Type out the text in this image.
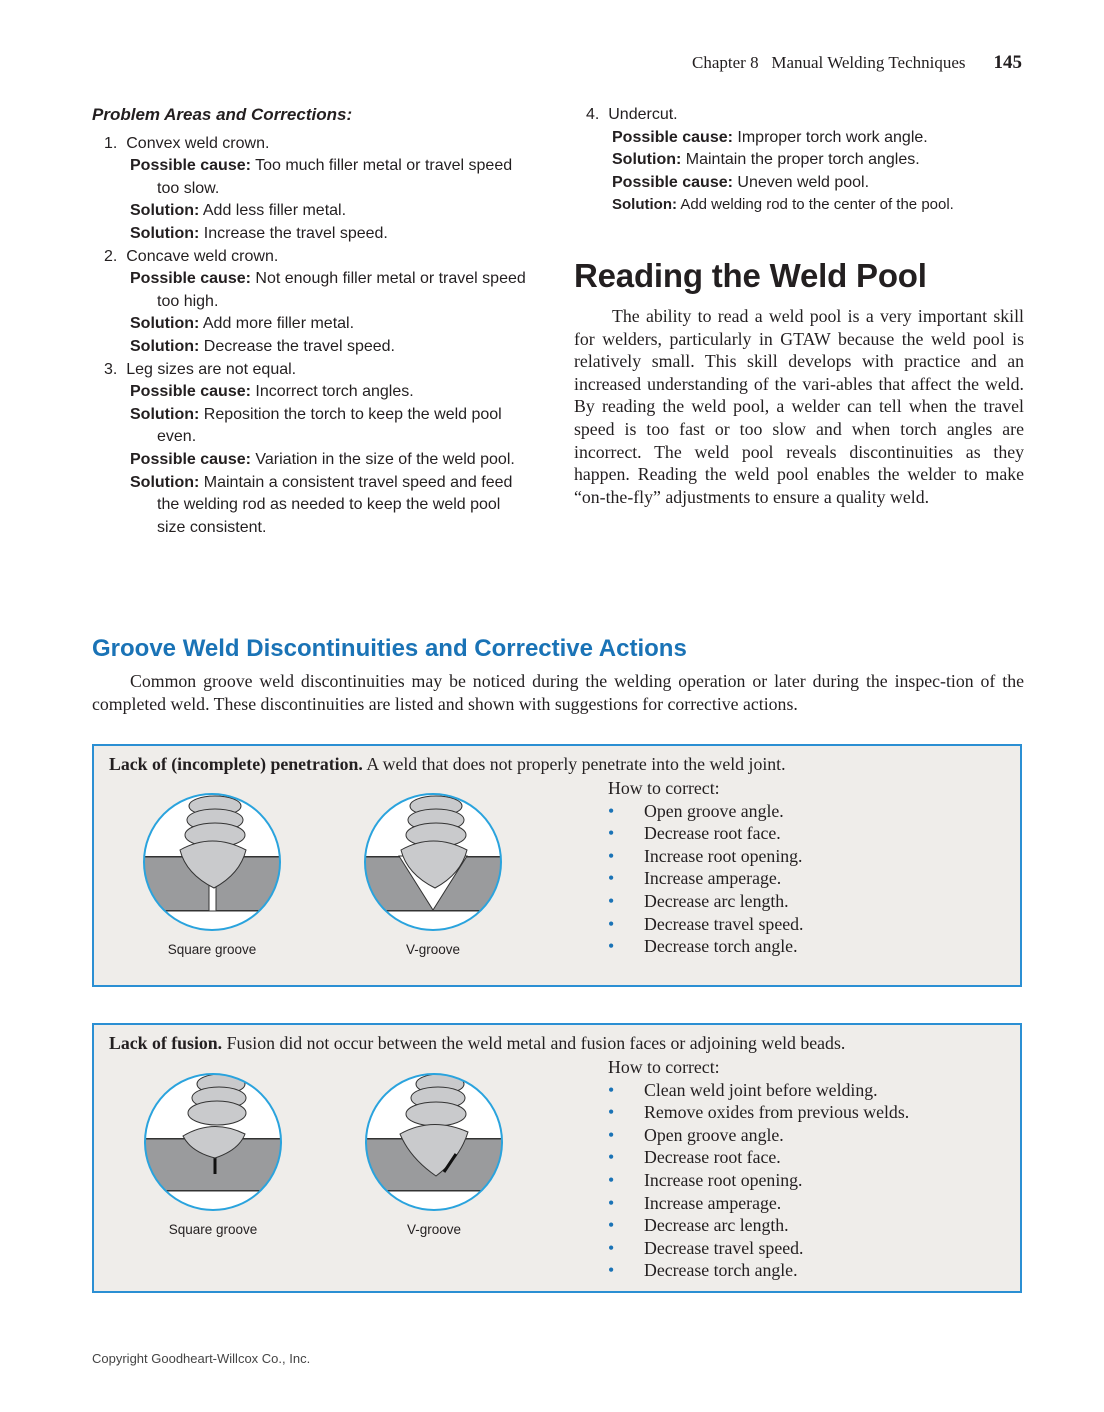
Chapter 8   Manual Welding Techniques 145
Problem Areas and Corrections:
1. Convex weld crown.
Possible cause: Too much filler metal or travel speed too slow.
Solution: Add less filler metal.
Solution: Increase the travel speed.
2. Concave weld crown.
Possible cause: Not enough filler metal or travel speed too high.
Solution: Add more filler metal.
Solution: Decrease the travel speed.
3. Leg sizes are not equal.
Possible cause: Incorrect torch angles.
Solution: Reposition the torch to keep the weld pool even.
Possible cause: Variation in the size of the weld pool.
Solution: Maintain a consistent travel speed and feed the welding rod as needed to keep the weld pool size consistent.
4. Undercut.
Possible cause: Improper torch work angle.
Solution: Maintain the proper torch angles.
Possible cause: Uneven weld pool.
Solution: Add welding rod to the center of the pool.
Reading the Weld Pool

The ability to read a weld pool is a very important skill for welders, particularly in GTAW because the weld pool is relatively small. This skill develops with practice and an increased understanding of the vari-ables that affect the weld. By reading the weld pool, a welder can tell when the travel speed is too fast or too slow and when torch angles are incorrect. The weld pool reveals discontinuities as they happen. Reading the weld pool enables the welder to make “on-the-fly” adjustments to ensure a quality weld.

Groove Weld Discontinuities and Corrective Actions

Common groove weld discontinuities may be noticed during the welding operation or later during the inspec-tion of the completed weld. These discontinuities are listed and shown with suggestions for corrective actions.

Lack of (incomplete) penetration. A weld that does not properly penetrate into the weld joint.
Square groove	V-groove
How to correct:
• Open groove angle.
• Decrease root face.
• Increase root opening.
• Increase amperage.
• Decrease arc length.
• Decrease travel speed.
• Decrease torch angle.
Lack of fusion. Fusion did not occur between the weld metal and fusion faces or adjoining weld beads.
Square groove	V-groove
How to correct:
• Clean weld joint before welding.
• Remove oxides from previous welds.
• Open groove angle.
• Decrease root face.
• Increase root opening.
• Increase amperage.
• Decrease arc length.
• Decrease travel speed.
• Decrease torch angle.
Copyright Goodheart-Willcox Co., Inc.
